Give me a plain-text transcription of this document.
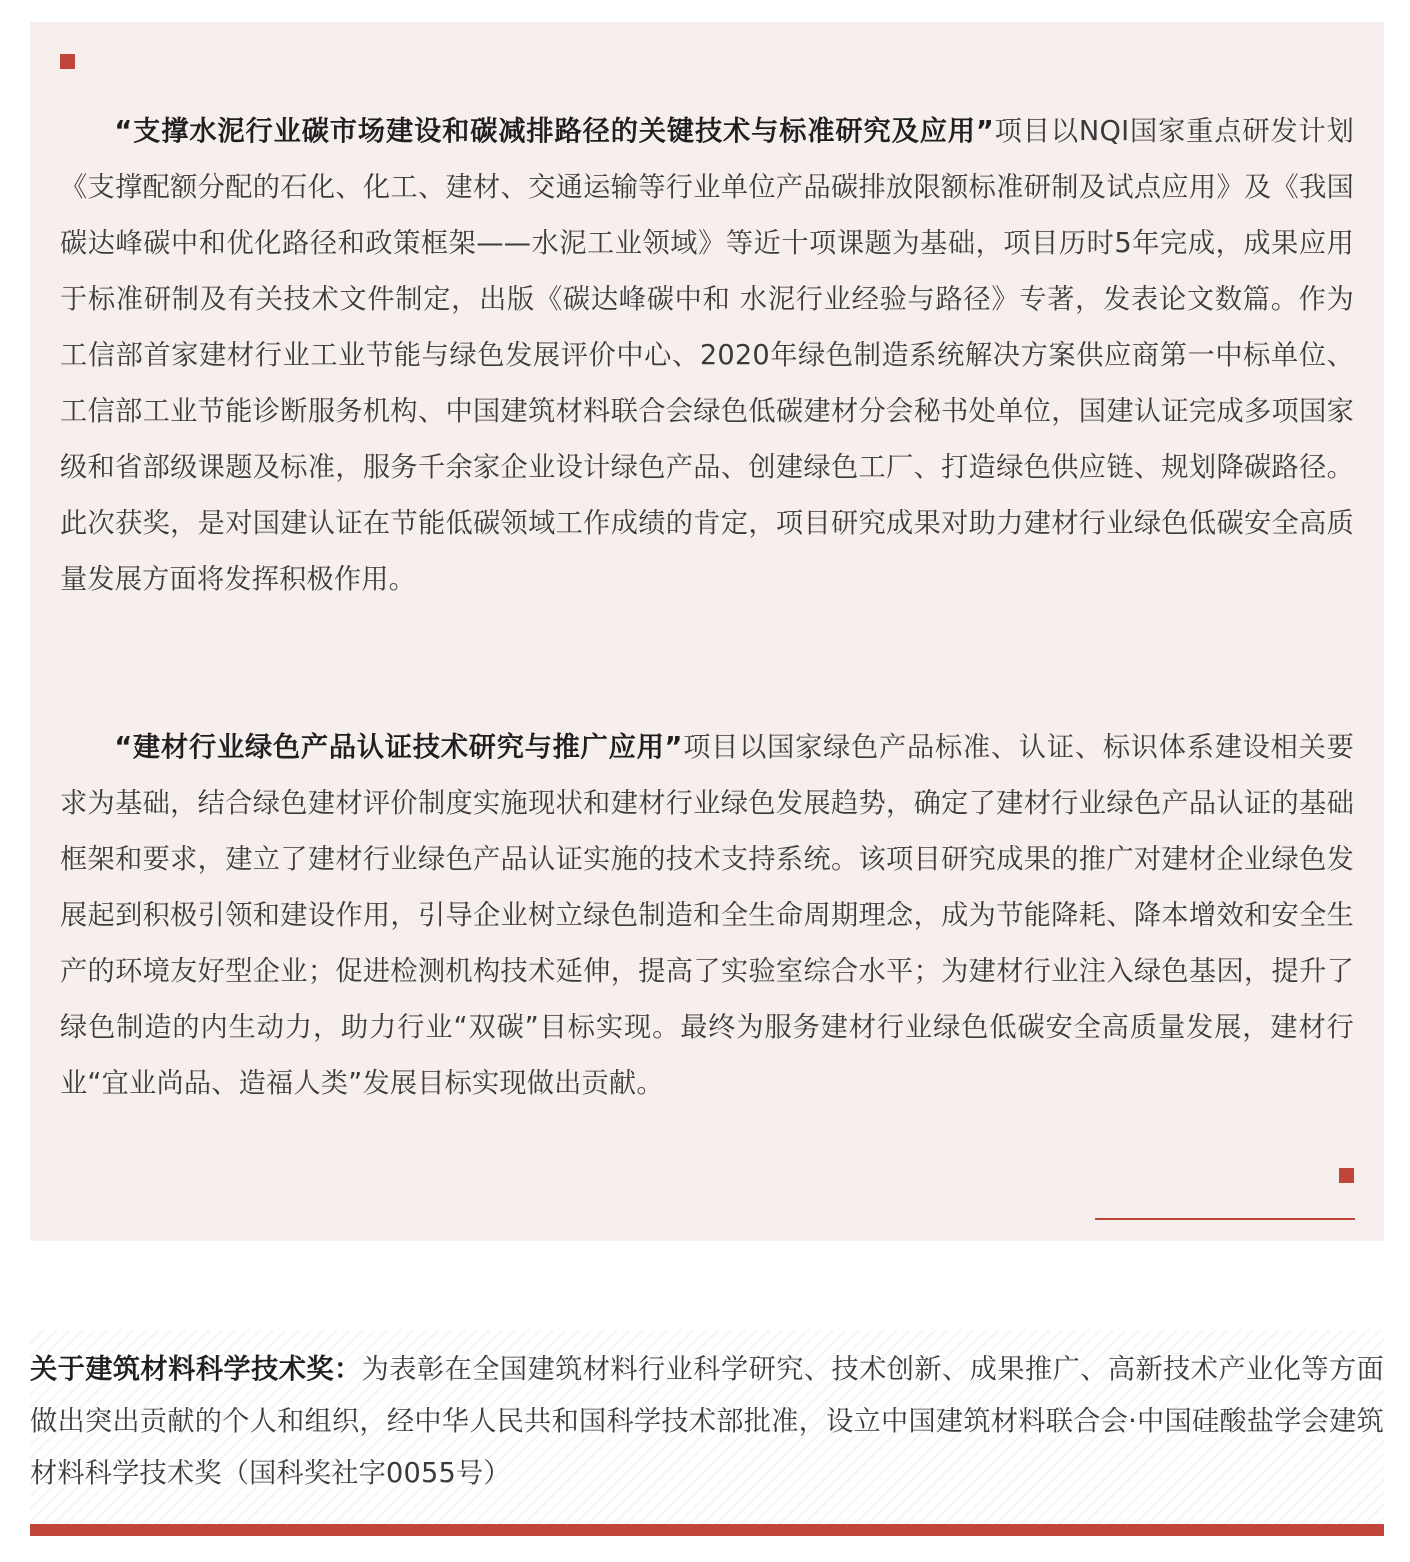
“支撑水泥行业碳市场建设和碳减排路径的关键技术与标准研究及应用”项目以NQI国家重点研发计划《支撑配额分配的石化、化工、建材、交通运输等行业单位产品碳排放限额标准研制及试点应用》及《我国碳达峰碳中和优化路径和政策框架——水泥工业领域》等近十项课题为基础，项目历时5年完成，成果应用于标准研制及有关技术文件制定，出版《碳达峰碳中和 水泥行业经验与路径》专著，发表论文数篇。作为工信部首家建材行业工业节能与绿色发展评价中心、2020年绿色制造系统解决方案供应商第一中标单位、工信部工业节能诊断服务机构、中国建筑材料联合会绿色低碳建材分会秘书处单位，国建认证完成多项国家级和省部级课题及标准，服务千余家企业设计绿色产品、创建绿色工厂、打造绿色供应链、规划降碳路径。此次获奖，是对国建认证在节能低碳领域工作成绩的肯定，项目研究成果对助力建材行业绿色低碳安全高质量发展方面将发挥积极作用。

“建材行业绿色产品认证技术研究与推广应用”项目以国家绿色产品标准、认证、标识体系建设相关要求为基础，结合绿色建材评价制度实施现状和建材行业绿色发展趋势，确定了建材行业绿色产品认证的基础框架和要求，建立了建材行业绿色产品认证实施的技术支持系统。该项目研究成果的推广对建材企业绿色发展起到积极引领和建设作用，引导企业树立绿色制造和全生命周期理念，成为节能降耗、降本增效和安全生产的环境友好型企业；促进检测机构技术延伸，提高了实验室综合水平；为建材行业注入绿色基因，提升了绿色制造的内生动力，助力行业“双碳”目标实现。最终为服务建材行业绿色低碳安全高质量发展，建材行业“宜业尚品、造福人类”发展目标实现做出贡献。

关于建筑材料科学技术奖：为表彰在全国建筑材料行业科学研究、技术创新、成果推广、高新技术产业化等方面做出突出贡献的个人和组织，经中华人民共和国科学技术部批准，设立中国建筑材料联合会·中国硅酸盐学会建筑材料科学技术奖（国科奖社字0055号）
